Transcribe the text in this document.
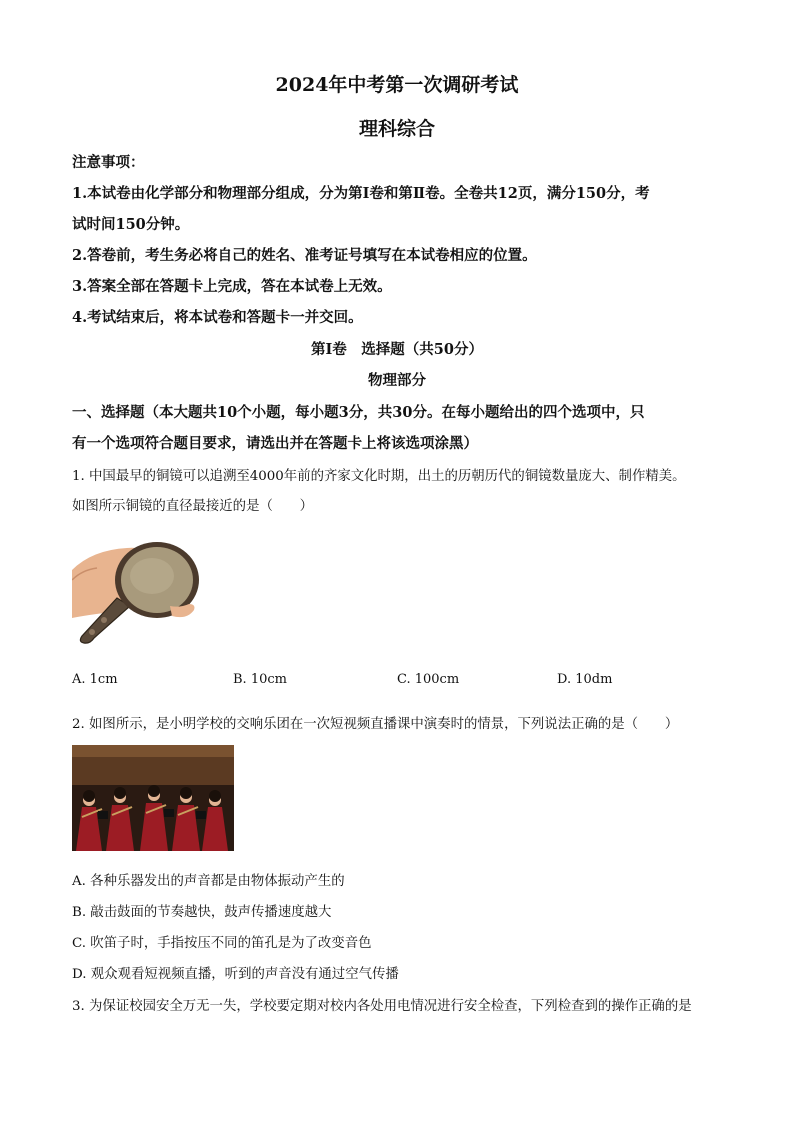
2024年中考第一次调研考试
理科综合
注意事项：
1.本试卷由化学部分和物理部分组成，分为第Ⅰ卷和第Ⅱ卷。全卷共12页，满分150分，考
试时间150分钟。
2.答卷前，考生务必将自己的姓名、准考证号填写在本试卷相应的位置。
3.答案全部在答题卡上完成，答在本试卷上无效。
4.考试结束后，将本试卷和答题卡一并交回。
第Ⅰ卷　选择题（共50分）
物理部分
一、选择题（本大题共10个小题，每小题3分，共30分。在每小题给出的四个选项中，只
有一个选项符合题目要求，请选出并在答题卡上将该选项涂黑）
1. 中国最早的铜镜可以追溯至4000年前的齐家文化时期，出土的历朝历代的铜镜数量庞大、制作精美。
如图所示铜镜的直径最接近的是（　　）
A. 1cm	B. 10cm	C. 100cm	D. 10dm
2. 如图所示，是小明学校的交响乐团在一次短视频直播课中演奏时的情景，下列说法正确的是（　　）
A. 各种乐器发出的声音都是由物体振动产生的
B. 敲击鼓面的节奏越快，鼓声传播速度越大
C. 吹笛子时，手指按压不同的笛孔是为了改变音色
D. 观众观看短视频直播，听到的声音没有通过空气传播
3. 为保证校园安全万无一失，学校要定期对校内各处用电情况进行安全检查，下列检查到的操作正确的是
